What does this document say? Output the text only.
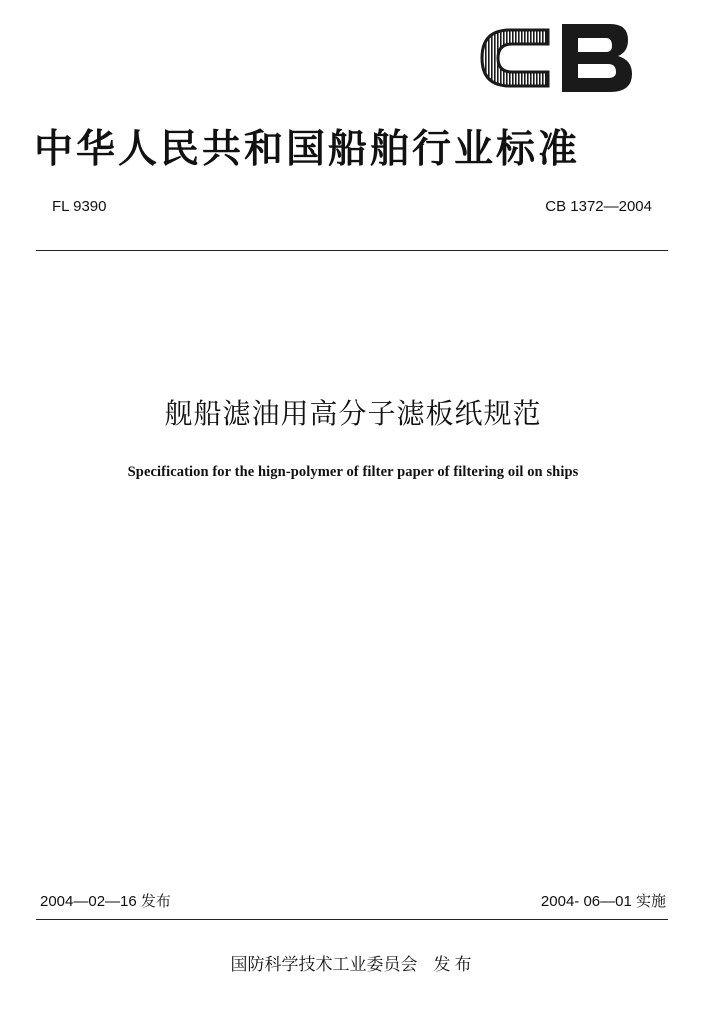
中华人民共和国船舶行业标准
FL 9390	CB 1372—2004
舰船滤油用高分子滤板纸规范
Specification for the hign-polymer of filter paper of filtering oil on ships
2004—02—16 发布	2004- 06—01 实施
国防科学技术工业委员会 发布
